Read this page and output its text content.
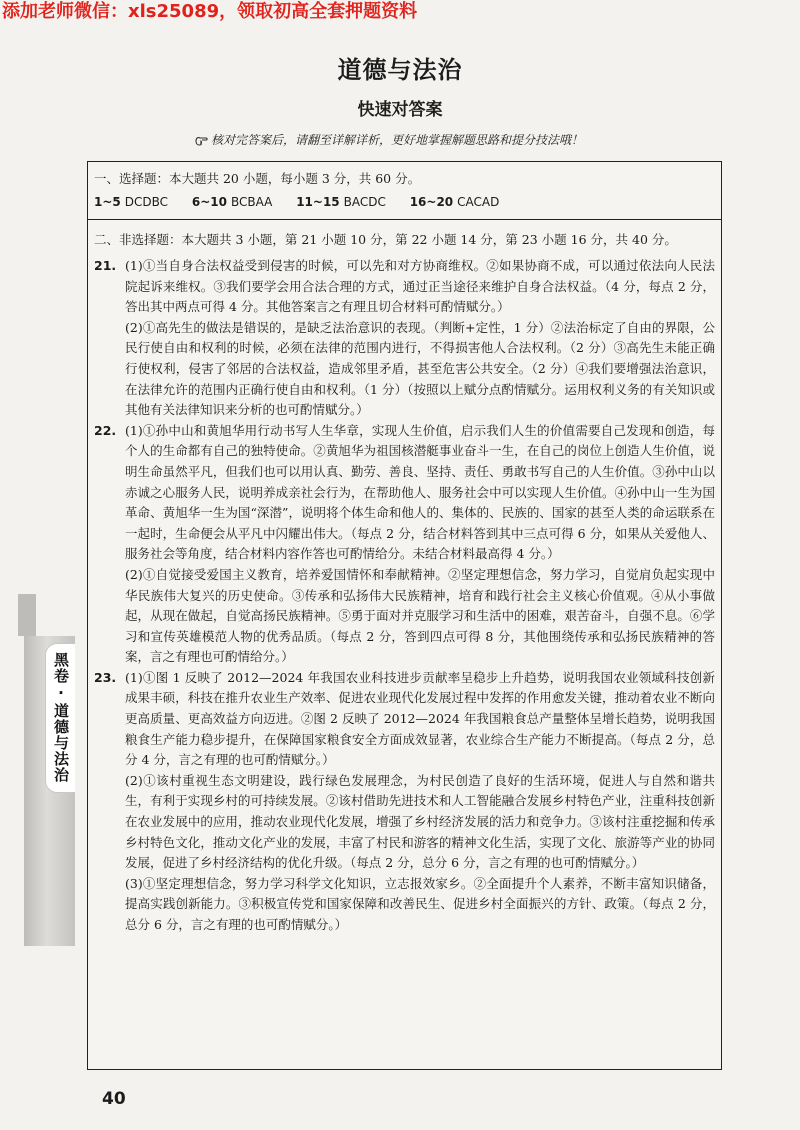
添加老师微信：xls25089，领取初高全套押题资料
道德与法治
快速对答案
核对完答案后，请翻至详解详析，更好地掌握解题思路和提分技法哦！
黑卷·道德与法治
一、选择题：本大题共 20 小题，每小题 3 分，共 60 分。
1~5 DCDBC 6~10 BCBAA 11~15 BACDC 16~20 CACAD
二、非选择题：本大题共 3 小题，第 21 小题 10 分，第 22 小题 14 分，第 23 小题 16 分，共 40 分。
21. (1)①当自身合法权益受到侵害的时候，可以先和对方协商维权。②如果协商不成，可以通过依法向人民法院起诉来维权。③我们要学会用合法合理的方式，通过正当途径来维护自身合法权益。（4 分，每点 2 分，答出其中两点可得 4 分。其他答案言之有理且切合材料可酌情赋分。）

(2)①高先生的做法是错误的，是缺乏法治意识的表现。（判断+定性，1 分）②法治标定了自由的界限，公民行使自由和权利的时候，必须在法律的范围内进行，不得损害他人合法权利。（2 分）③高先生未能正确行使权利，侵害了邻居的合法权益，造成邻里矛盾，甚至危害公共安全。（2 分）④我们要增强法治意识，在法律允许的范围内正确行使自由和权利。（1 分）（按照以上赋分点酌情赋分。运用权利义务的有关知识或其他有关法律知识来分析的也可酌情赋分。）

22. (1)①孙中山和黄旭华用行动书写人生华章，实现人生价值，启示我们人生的价值需要自己发现和创造，每个人的生命都有自己的独特使命。②黄旭华为祖国核潜艇事业奋斗一生，在自己的岗位上创造人生价值，说明生命虽然平凡，但我们也可以用认真、勤劳、善良、坚持、责任、勇敢书写自己的人生价值。③孙中山以赤诚之心服务人民，说明养成亲社会行为，在帮助他人、服务社会中可以实现人生价值。④孙中山一生为国革命、黄旭华一生为国“深潜”，说明将个体生命和他人的、集体的、民族的、国家的甚至人类的命运联系在一起时，生命便会从平凡中闪耀出伟大。（每点 2 分，结合材料答到其中三点可得 6 分，如果从关爱他人、服务社会等角度，结合材料内容作答也可酌情给分。未结合材料最高得 4 分。）

(2)①自觉接受爱国主义教育，培养爱国情怀和奉献精神。②坚定理想信念，努力学习，自觉肩负起实现中华民族伟大复兴的历史使命。③传承和弘扬伟大民族精神，培育和践行社会主义核心价值观。④从小事做起，从现在做起，自觉高扬民族精神。⑤勇于面对并克服学习和生活中的困难，艰苦奋斗，自强不息。⑥学习和宣传英雄模范人物的优秀品质。（每点 2 分，答到四点可得 8 分，其他围绕传承和弘扬民族精神的答案，言之有理也可酌情给分。）

23. (1)①图 1 反映了 2012—2024 年我国农业科技进步贡献率呈稳步上升趋势，说明我国农业领域科技创新成果丰硕，科技在推升农业生产效率、促进农业现代化发展过程中发挥的作用愈发关键，推动着农业不断向更高质量、更高效益方向迈进。②图 2 反映了 2012—2024 年我国粮食总产量整体呈增长趋势，说明我国粮食生产能力稳步提升，在保障国家粮食安全方面成效显著，农业综合生产能力不断提高。（每点 2 分，总分 4 分，言之有理的也可酌情赋分。）

(2)①该村重视生态文明建设，践行绿色发展理念，为村民创造了良好的生活环境，促进人与自然和谐共生，有利于实现乡村的可持续发展。②该村借助先进技术和人工智能融合发展乡村特色产业，注重科技创新在农业发展中的应用，推动农业现代化发展，增强了乡村经济发展的活力和竞争力。③该村注重挖掘和传承乡村特色文化，推动文化产业的发展，丰富了村民和游客的精神文化生活，实现了文化、旅游等产业的协同发展，促进了乡村经济结构的优化升级。（每点 2 分，总分 6 分，言之有理的也可酌情赋分。）

(3)①坚定理想信念，努力学习科学文化知识，立志报效家乡。②全面提升个人素养，不断丰富知识储备，提高实践创新能力。③积极宣传党和国家保障和改善民生、促进乡村全面振兴的方针、政策。（每点 2 分，总分 6 分，言之有理的也可酌情赋分。）

40
